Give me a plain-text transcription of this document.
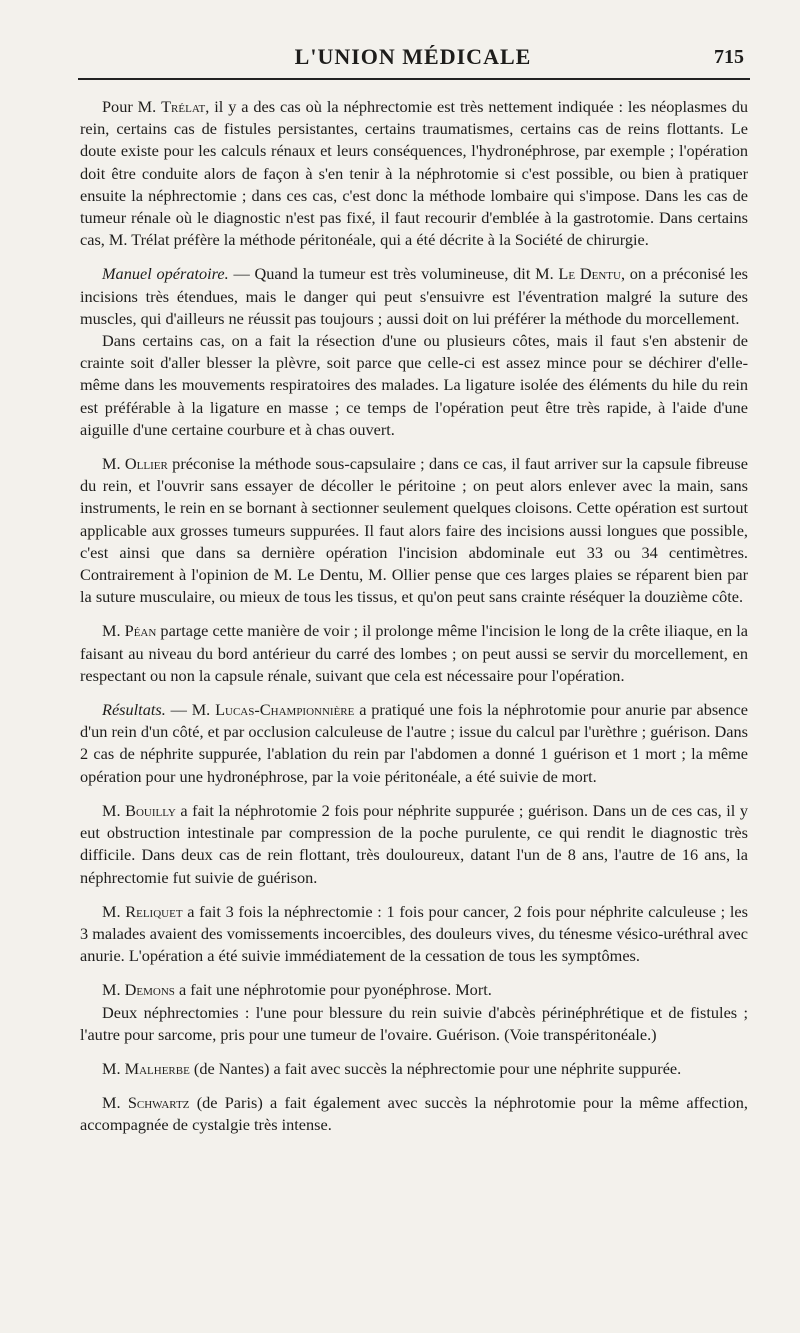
L'UNION MÉDICALE	715

Pour M. Trélat, il y a des cas où la néphrectomie est très nettement indiquée : les néoplasmes du rein, certains cas de fistules persistantes, certains traumatismes, certains cas de reins flottants. Le doute existe pour les calculs rénaux et leurs conséquences, l'hydronéphrose, par exemple ; l'opération doit être conduite alors de façon à s'en tenir à la néphrotomie si c'est possible, ou bien à pratiquer ensuite la néphrectomie ; dans ces cas, c'est donc la méthode lombaire qui s'impose. Dans les cas de tumeur rénale où le diagnostic n'est pas fixé, il faut recourir d'emblée à la gastrotomie. Dans certains cas, M. Trélat préfère la méthode péritonéale, qui a été décrite à la Société de chirurgie.

Manuel opératoire. — Quand la tumeur est très volumineuse, dit M. Le Dentu, on a préconisé les incisions très étendues, mais le danger qui peut s'ensuivre est l'éventration malgré la suture des muscles, qui d'ailleurs ne réussit pas toujours ; aussi doit on lui préférer la méthode du morcellement.

Dans certains cas, on a fait la résection d'une ou plusieurs côtes, mais il faut s'en abstenir de crainte soit d'aller blesser la plèvre, soit parce que celle-ci est assez mince pour se déchirer d'elle-même dans les mouvements respiratoires des malades. La ligature isolée des éléments du hile du rein est préférable à la ligature en masse ; ce temps de l'opération peut être très rapide, à l'aide d'une aiguille d'une certaine courbure et à chas ouvert.

M. Ollier préconise la méthode sous-capsulaire ; dans ce cas, il faut arriver sur la capsule fibreuse du rein, et l'ouvrir sans essayer de décoller le péritoine ; on peut alors enlever avec la main, sans instruments, le rein en se bornant à sectionner seulement quelques cloisons. Cette opération est surtout applicable aux grosses tumeurs suppurées. Il faut alors faire des incisions aussi longues que possible, c'est ainsi que dans sa dernière opération l'incision abdominale eut 33 ou 34 centimètres. Contrairement à l'opinion de M. Le Dentu, M. Ollier pense que ces larges plaies se réparent bien par la suture musculaire, ou mieux de tous les tissus, et qu'on peut sans crainte réséquer la douzième côte.

M. Péan partage cette manière de voir ; il prolonge même l'incision le long de la crête iliaque, en la faisant au niveau du bord antérieur du carré des lombes ; on peut aussi se servir du morcellement, en respectant ou non la capsule rénale, suivant que cela est nécessaire pour l'opération.

Résultats. — M. Lucas-Championnière a pratiqué une fois la néphrotomie pour anurie par absence d'un rein d'un côté, et par occlusion calculeuse de l'autre ; issue du calcul par l'urèthre ; guérison. Dans 2 cas de néphrite suppurée, l'ablation du rein par l'abdomen a donné 1 guérison et 1 mort ; la même opération pour une hydronéphrose, par la voie péritonéale, a été suivie de mort.

M. Bouilly a fait la néphrotomie 2 fois pour néphrite suppurée ; guérison. Dans un de ces cas, il y eut obstruction intestinale par compression de la poche purulente, ce qui rendit le diagnostic très difficile. Dans deux cas de rein flottant, très douloureux, datant l'un de 8 ans, l'autre de 16 ans, la néphrectomie fut suivie de guérison.

M. Reliquet a fait 3 fois la néphrectomie : 1 fois pour cancer, 2 fois pour néphrite calculeuse ; les 3 malades avaient des vomissements incoercibles, des douleurs vives, du ténesme vésico-uréthral avec anurie. L'opération a été suivie immédiatement de la cessation de tous les symptômes.

M. Demons a fait une néphrotomie pour pyonéphrose. Mort.

Deux néphrectomies : l'une pour blessure du rein suivie d'abcès périnéphrétique et de fistules ; l'autre pour sarcome, pris pour une tumeur de l'ovaire. Guérison. (Voie transpéritonéale.)

M. Malherbe (de Nantes) a fait avec succès la néphrectomie pour une néphrite suppurée.

M. Schwartz (de Paris) a fait également avec succès la néphrotomie pour la même affection, accompagnée de cystalgie très intense.
